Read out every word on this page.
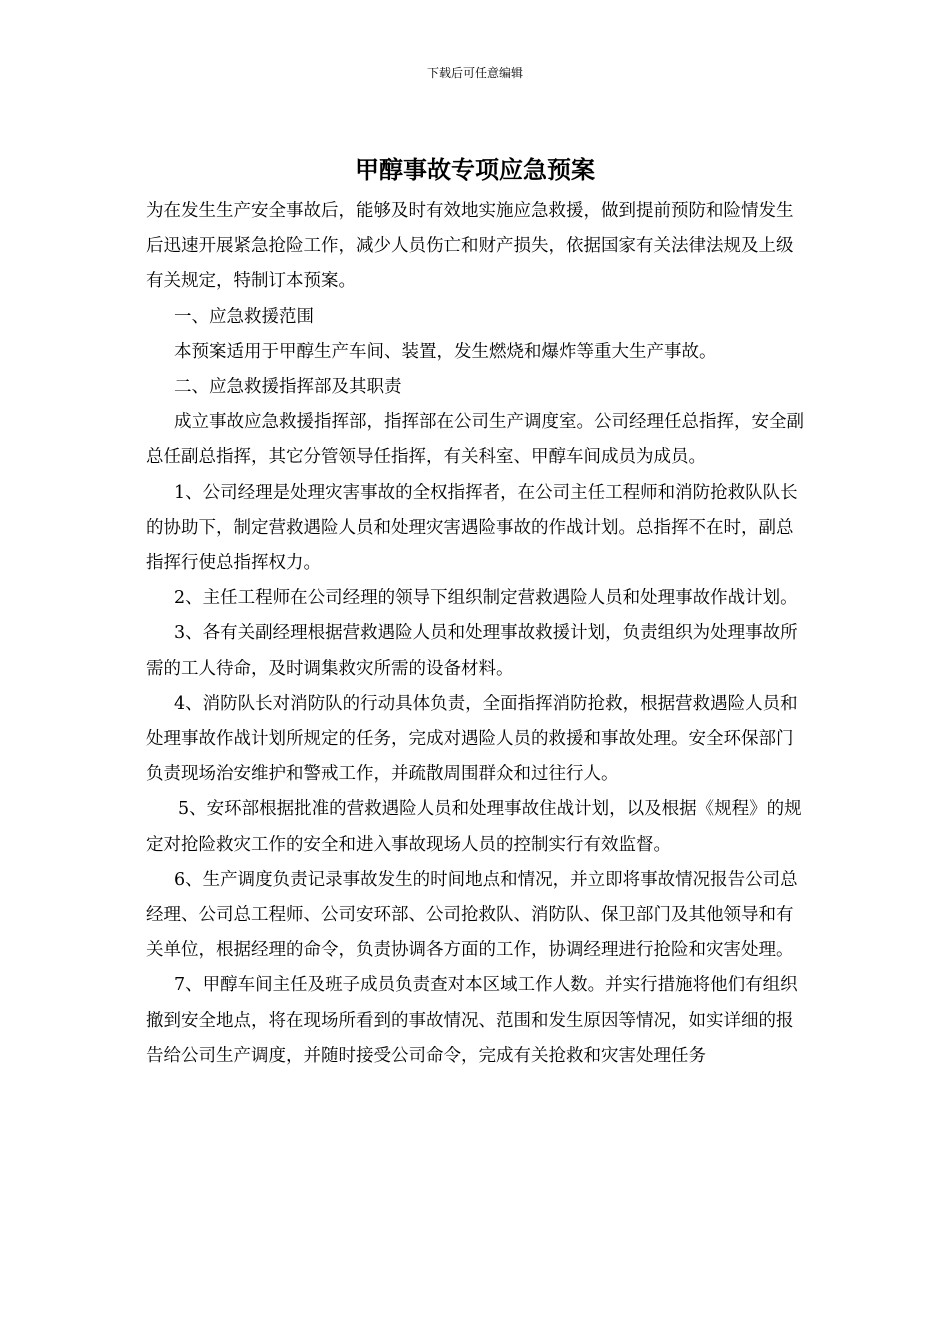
下载后可任意编辑
甲醇事故专项应急预案

为在发生生产安全事故后，能够及时有效地实施应急救援，做到提前预防和险情发生后迅速开展紧急抢险工作，减少人员伤亡和财产损失，依据国家有关法律法规及上级有关规定，特制订本预案。

一、应急救援范围

本预案适用于甲醇生产车间、装置，发生燃烧和爆炸等重大生产事故。

二、应急救援指挥部及其职责

成立事故应急救援指挥部，指挥部在公司生产调度室。公司经理任总指挥，安全副总任副总指挥，其它分管领导任指挥，有关科室、甲醇车间成员为成员。

1、公司经理是处理灾害事故的全权指挥者，在公司主任工程师和消防抢救队队长的协助下，制定营救遇险人员和处理灾害遇险事故的作战计划。总指挥不在时，副总指挥行使总指挥权力。

2、主任工程师在公司经理的领导下组织制定营救遇险人员和处理事故作战计划。

3、各有关副经理根据营救遇险人员和处理事故救援计划，负责组织为处理事故所需的工人待命，及时调集救灾所需的设备材料。

4、消防队长对消防队的行动具体负责，全面指挥消防抢救，根据营救遇险人员和处理事故作战计划所规定的任务，完成对遇险人员的救援和事故处理。安全环保部门负责现场治安维护和警戒工作，并疏散周围群众和过往行人。

5、安环部根据批准的营救遇险人员和处理事故住战计划，以及根据《规程》的规定对抢险救灾工作的安全和进入事故现场人员的控制实行有效监督。

6、生产调度负责记录事故发生的时间地点和情况，并立即将事故情况报告公司总经理、公司总工程师、公司安环部、公司抢救队、消防队、保卫部门及其他领导和有关单位，根据经理的命令，负责协调各方面的工作，协调经理进行抢险和灾害处理。

7、甲醇车间主任及班子成员负责查对本区域工作人数。并实行措施将他们有组织撤到安全地点，将在现场所看到的事故情况、范围和发生原因等情况，如实详细的报告给公司生产调度，并随时接受公司命令，完成有关抢救和灾害处理任务
